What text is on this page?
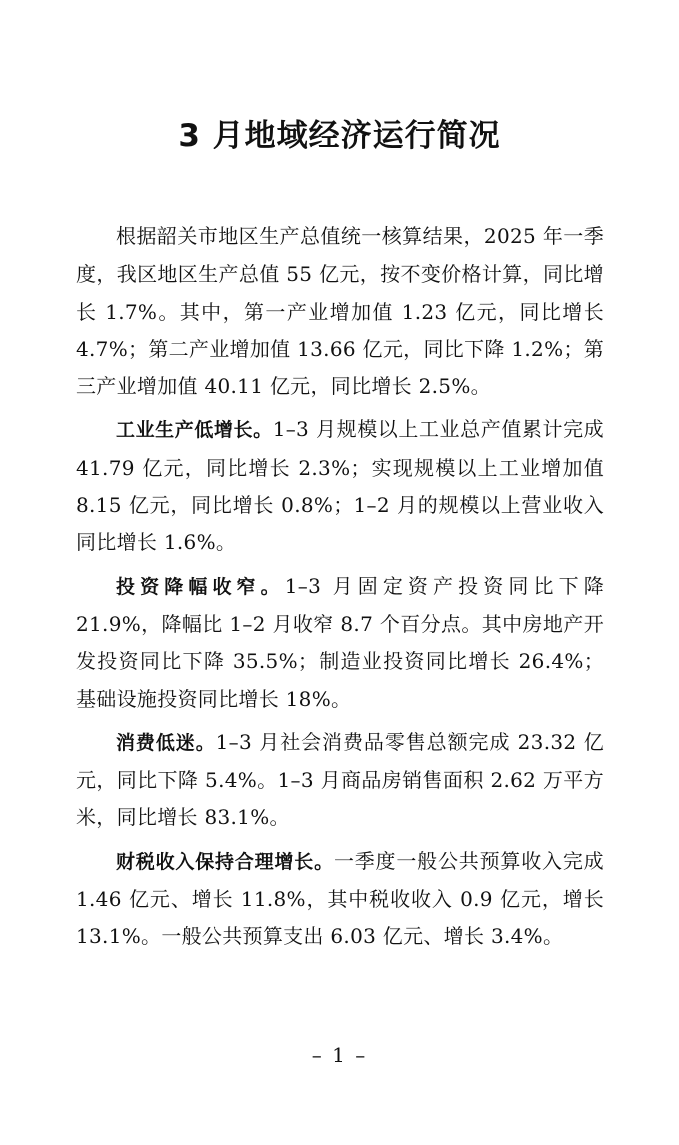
3 月地域经济运行简况

根据韶关市地区生产总值统一核算结果，2025 年一季度，我区地区生产总值 55 亿元，按不变价格计算，同比增长 1.7%。其中，第一产业增加值 1.23 亿元，同比增长 4.7%；第二产业增加值 13.66 亿元，同比下降 1.2%；第三产业增加值 40.11 亿元，同比增长 2.5%。

工业生产低增长。1–3 月规模以上工业总产值累计完成 41.79 亿元，同比增长 2.3%；实现规模以上工业增加值 8.15 亿元，同比增长 0.8%；1–2 月的规模以上营业收入同比增长 1.6%。

投资降幅收窄。1–3 月固定资产投资同比下降 21.9%，降幅比 1–2 月收窄 8.7 个百分点。其中房地产开发投资同比下降 35.5%；制造业投资同比增长 26.4%；基础设施投资同比增长 18%。

消费低迷。1–3 月社会消费品零售总额完成 23.32 亿元，同比下降 5.4%。1–3 月商品房销售面积 2.62 万平方米，同比增长 83.1%。

财税收入保持合理增长。一季度一般公共预算收入完成 1.46 亿元、增长 11.8%，其中税收收入 0.9 亿元，增长 13.1%。一般公共预算支出 6.03 亿元、增长 3.4%。

– 1 –
